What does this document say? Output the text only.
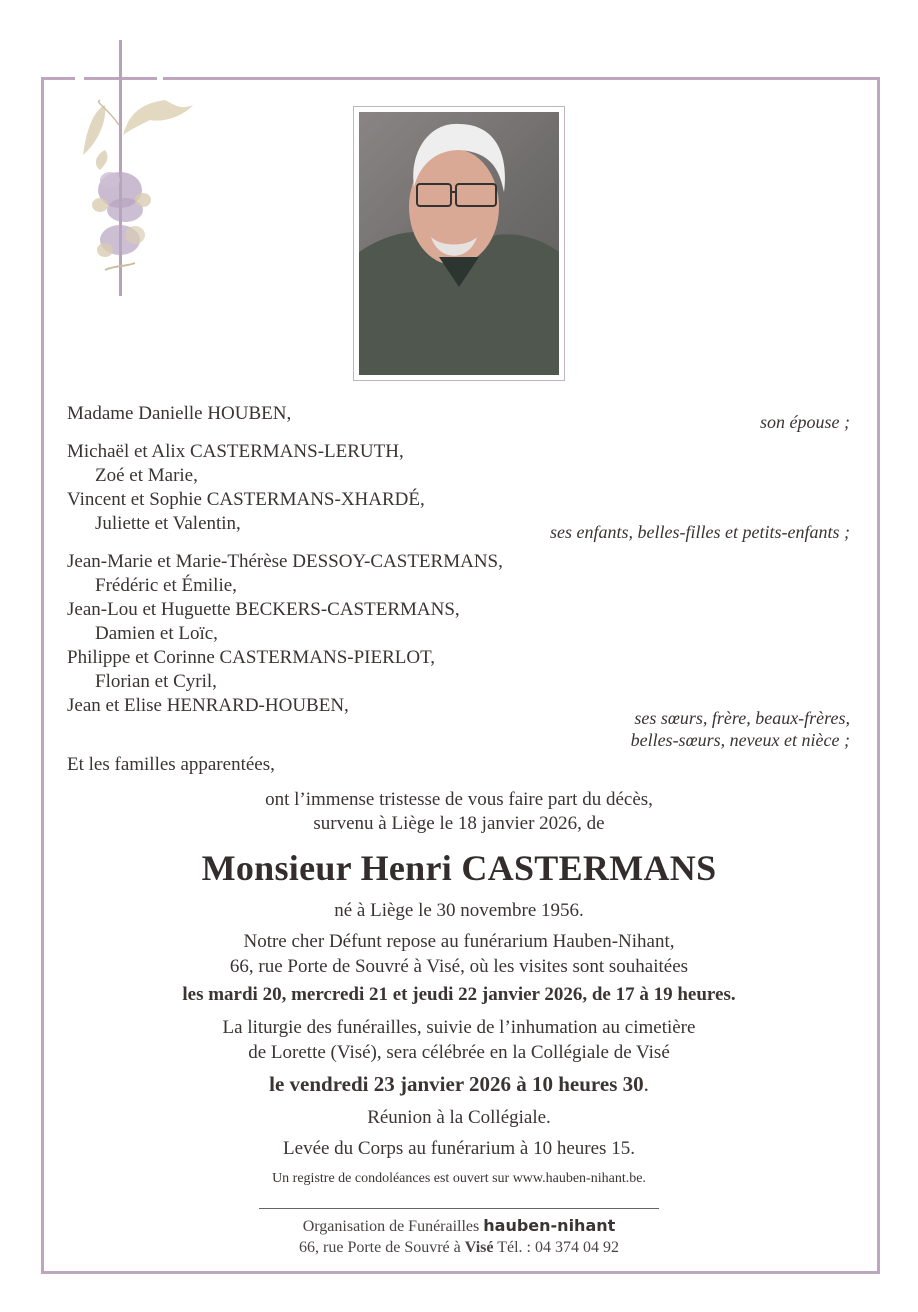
Madame Danielle HOUBEN,	son épouse ;
Michaël et Alix CASTERMANS-LERUTH,
Zoé et Marie,
Vincent et Sophie CASTERMANS-XHARDÉ,
Juliette et Valentin,	ses enfants, belles-filles et petits-enfants ;
Jean-Marie et Marie-Thérèse DESSOY-CASTERMANS,
Frédéric et Émilie,
Jean-Lou et Huguette BECKERS-CASTERMANS,
Damien et Loïc,
Philippe et Corinne CASTERMANS-PIERLOT,
Florian et Cyril,
Jean et Elise HENRARD-HOUBEN,
ses sœurs, frère, beaux-frères,
belles-sœurs, neveux et nièce ;
Et les familles apparentées,
ont l’immense tristesse de vous faire part du décès,
survenu à Liège le 18 janvier 2026, de
Monsieur Henri CASTERMANS
né à Liège le 30 novembre 1956.
Notre cher Défunt repose au funérarium Hauben-Nihant,
66, rue Porte de Souvré à Visé, où les visites sont souhaitées
les mardi 20, mercredi 21 et jeudi 22 janvier 2026, de 17 à 19 heures.
La liturgie des funérailles, suivie de l’inhumation au cimetière
de Lorette (Visé), sera célébrée en la Collégiale de Visé
le vendredi 23 janvier 2026 à 10 heures 30.
Réunion à la Collégiale.
Levée du Corps au funérarium à 10 heures 15.
Un registre de condoléances est ouvert sur www.hauben-nihant.be.
Organisation de Funérailles hauben-nihant
66, rue Porte de Souvré à Visé Tél. : 04 374 04 92
